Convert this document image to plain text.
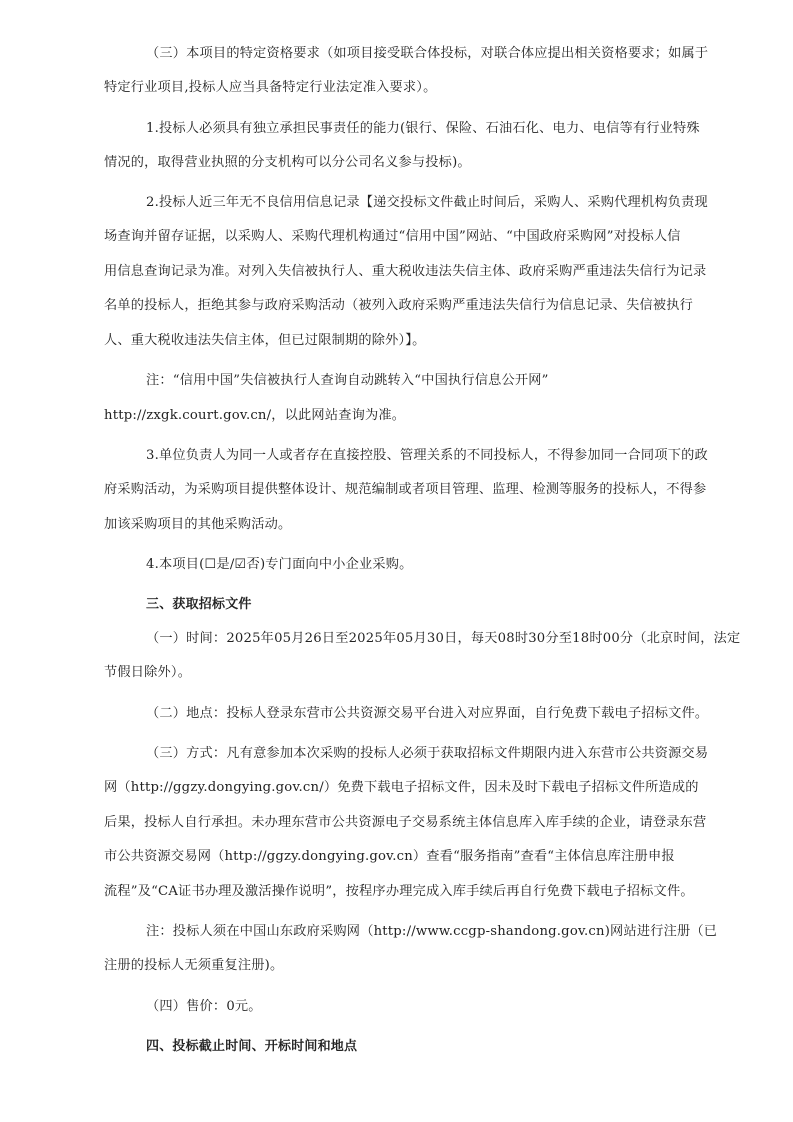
（三）本项目的特定资格要求（如项目接受联合体投标，对联合体应提出相关资格要求；如属于
特定行业项目,投标人应当具备特定行业法定准入要求）。
1.投标人必须具有独立承担民事责任的能力(银行、保险、石油石化、电力、电信等有行业特殊
情况的，取得营业执照的分支机构可以分公司名义参与投标)。
2.投标人近三年无不良信用信息记录【递交投标文件截止时间后，采购人、采购代理机构负责现
场查询并留存证据，以采购人、采购代理机构通过“信用中国”网站、“中国政府采购网”对投标人信
用信息查询记录为准。对列入失信被执行人、重大税收违法失信主体、政府采购严重违法失信行为记录
名单的投标人，拒绝其参与政府采购活动（被列入政府采购严重违法失信行为信息记录、失信被执行
人、重大税收违法失信主体，但已过限制期的除外）】。
注：“信用中国”失信被执行人查询自动跳转入“中国执行信息公开网”
http://zxgk.court.gov.cn/，以此网站查询为准。
3.单位负责人为同一人或者存在直接控股、管理关系的不同投标人，不得参加同一合同项下的政
府采购活动，为采购项目提供整体设计、规范编制或者项目管理、监理、检测等服务的投标人，不得参
加该采购项目的其他采购活动。
4.本项目(☐是/☑否)专门面向中小企业采购。
三、获取招标文件
（一）时间：2025年05月26日至2025年05月30日，每天08时30分至18时00分（北京时间，法定
节假日除外）。
（二）地点：投标人登录东营市公共资源交易平台进入对应界面，自行免费下载电子招标文件。
（三）方式：凡有意参加本次采购的投标人必须于获取招标文件期限内进入东营市公共资源交易
网（http://ggzy.dongying.gov.cn/）免费下载电子招标文件，因未及时下载电子招标文件所造成的
后果，投标人自行承担。未办理东营市公共资源电子交易系统主体信息库入库手续的企业，请登录东营
市公共资源交易网（http://ggzy.dongying.gov.cn）查看“服务指南”查看“主体信息库注册申报
流程”及“CA证书办理及激活操作说明”，按程序办理完成入库手续后再自行免费下载电子招标文件。
注：投标人须在中国山东政府采购网（http://www.ccgp-shandong.gov.cn)网站进行注册（已
注册的投标人无须重复注册)。
（四）售价：0元。
四、投标截止时间、开标时间和地点
